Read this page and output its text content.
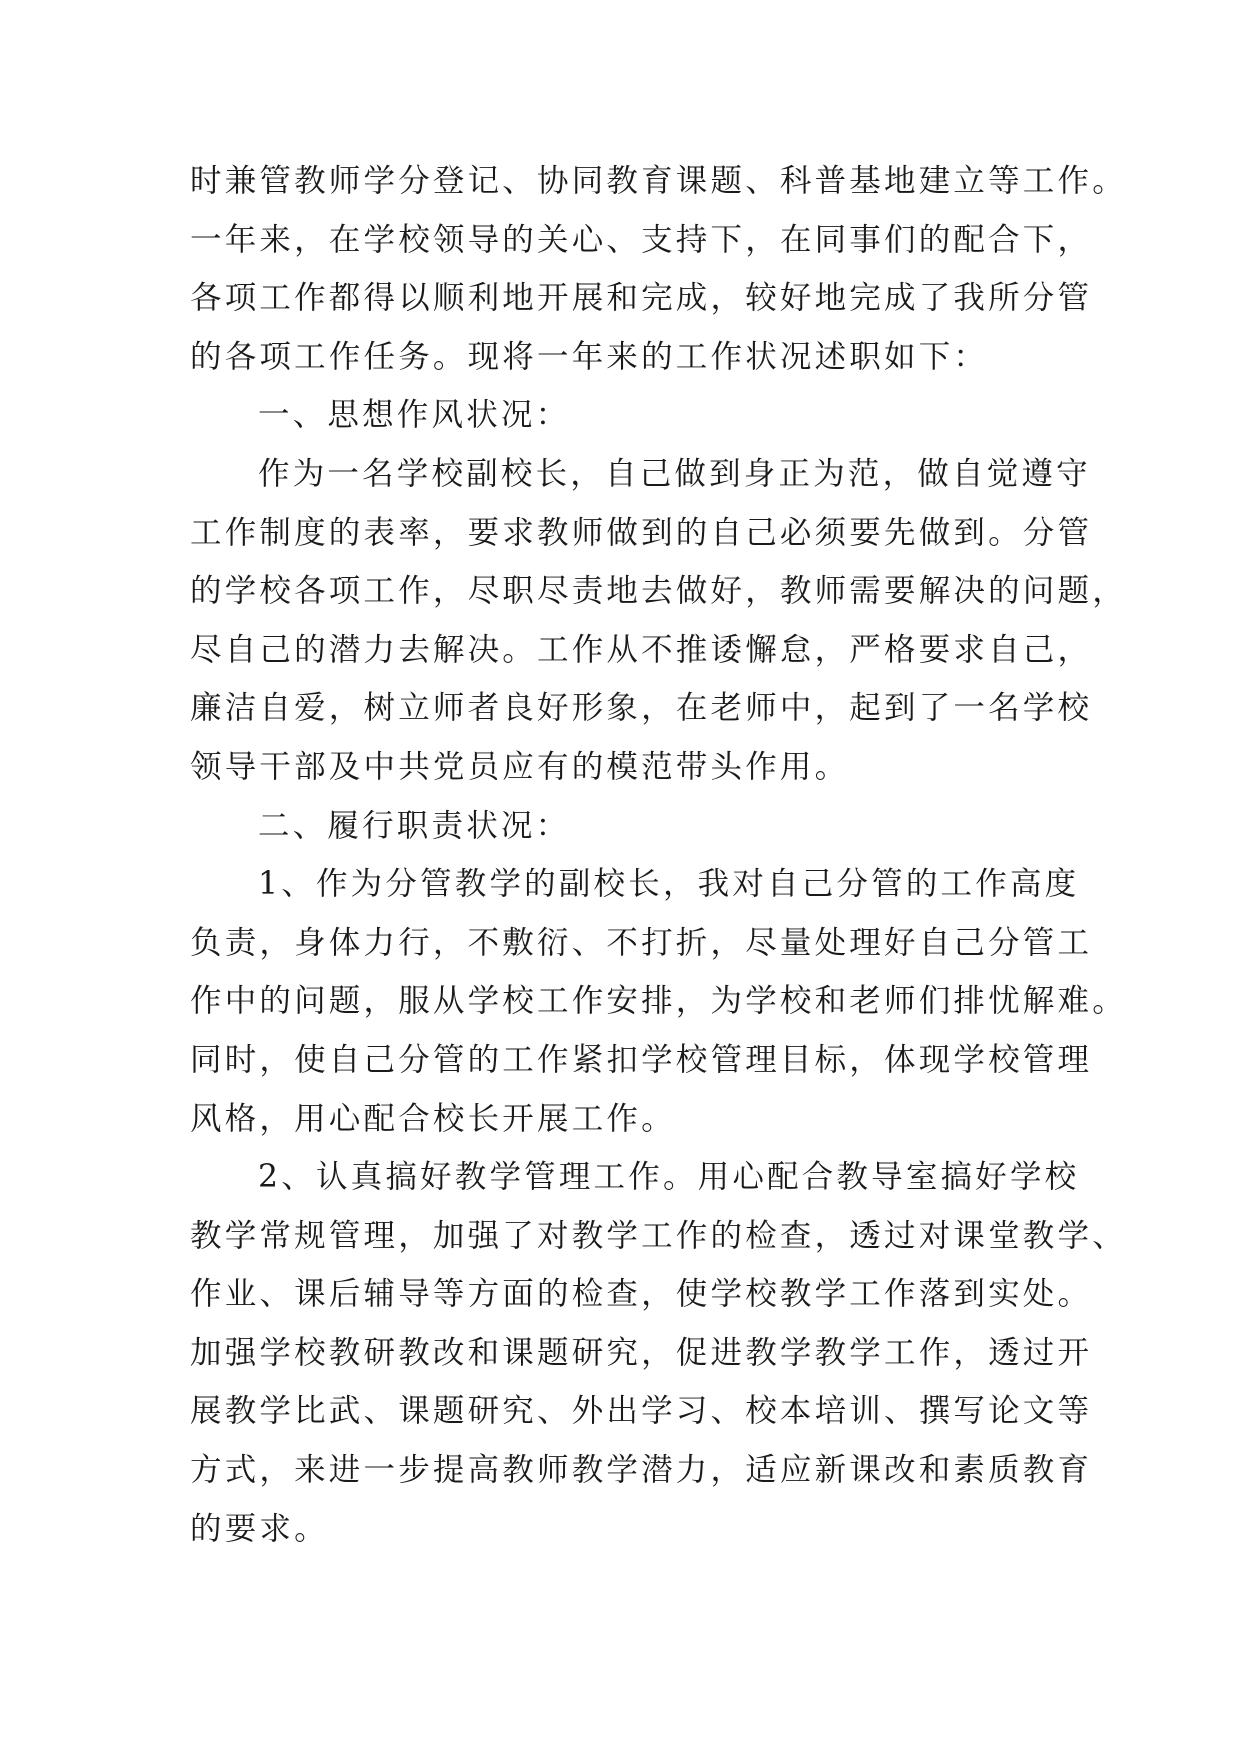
时兼管教师学分登记、协同教育课题、科普基地建立等工作。
一年来，在学校领导的关心、支持下，在同事们的配合下，
各项工作都得以顺利地开展和完成，较好地完成了我所分管
的各项工作任务。现将一年来的工作状况述职如下：
一、思想作风状况：
作为一名学校副校长，自己做到身正为范，做自觉遵守
工作制度的表率，要求教师做到的自己必须要先做到。分管
的学校各项工作，尽职尽责地去做好，教师需要解决的问题，
尽自己的潜力去解决。工作从不推诿懈怠，严格要求自己，
廉洁自爱，树立师者良好形象，在老师中，起到了一名学校
领导干部及中共党员应有的模范带头作用。
二、履行职责状况：
1、作为分管教学的副校长，我对自己分管的工作高度
负责，身体力行，不敷衍、不打折，尽量处理好自己分管工
作中的问题，服从学校工作安排，为学校和老师们排忧解难。
同时，使自己分管的工作紧扣学校管理目标，体现学校管理
风格，用心配合校长开展工作。
2、认真搞好教学管理工作。用心配合教导室搞好学校
教学常规管理，加强了对教学工作的检查，透过对课堂教学、
作业、课后辅导等方面的检查，使学校教学工作落到实处。
加强学校教研教改和课题研究，促进教学教学工作，透过开
展教学比武、课题研究、外出学习、校本培训、撰写论文等
方式，来进一步提高教师教学潜力，适应新课改和素质教育
的要求。
